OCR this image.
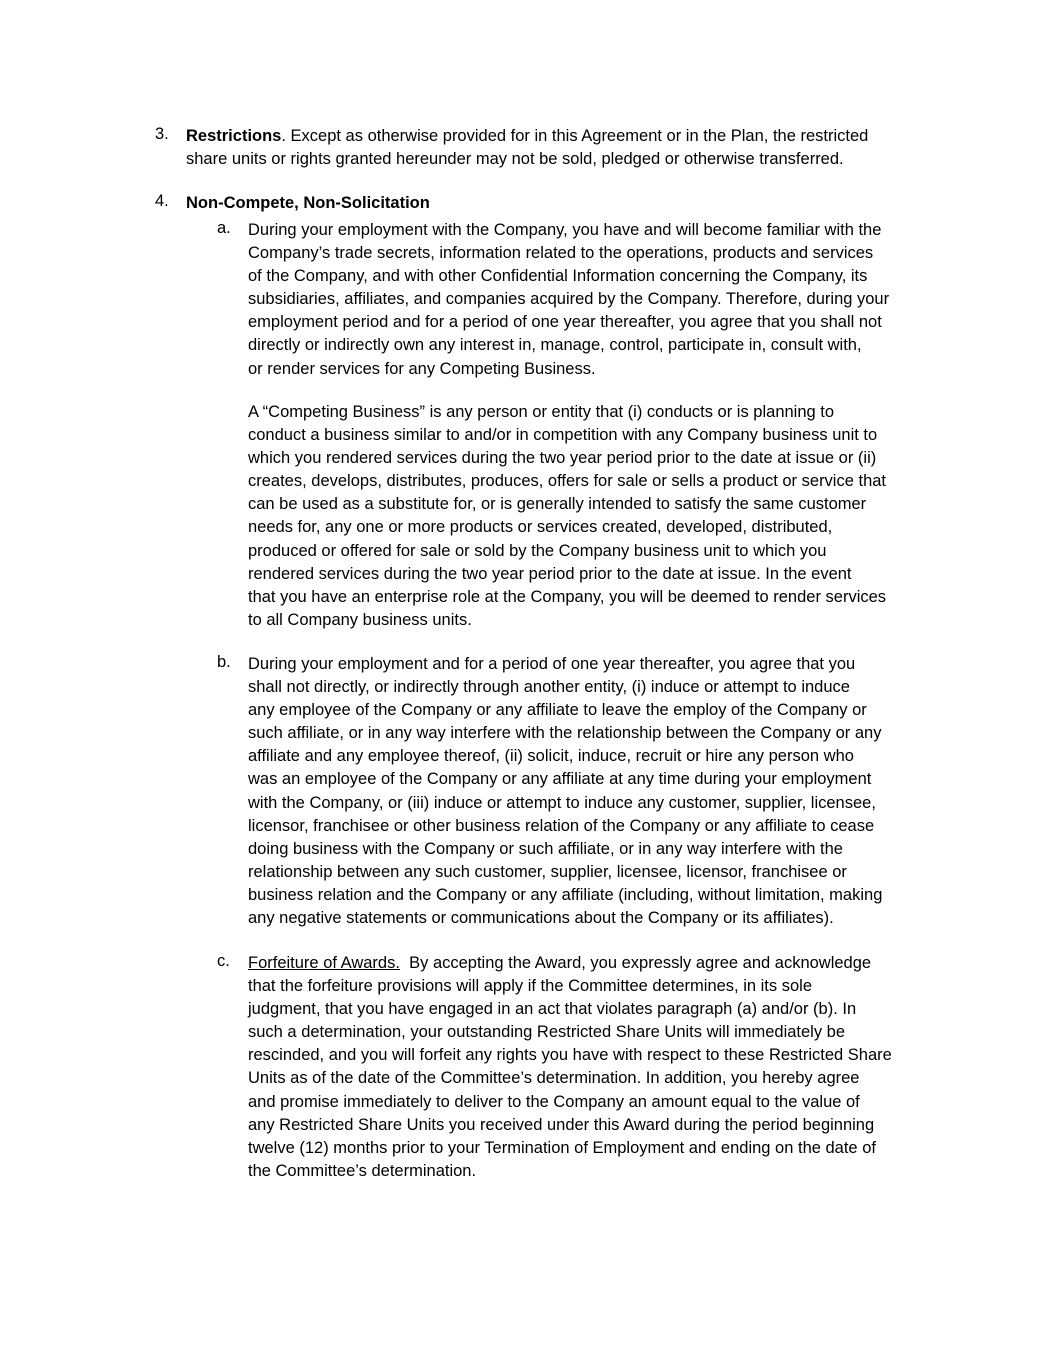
3. Restrictions. Except as otherwise provided for in this Agreement or in the Plan, the restricted
share units or rights granted hereunder may not be sold, pledged or otherwise transferred.
4. Non-Compete, Non-Solicitation
a. During your employment with the Company, you have and will become familiar with the
Company’s trade secrets, information related to the operations, products and services
of the Company, and with other Confidential Information concerning the Company, its
subsidiaries, affiliates, and companies acquired by the Company. Therefore, during your
employment period and for a period of one year thereafter, you agree that you shall not
directly or indirectly own any interest in, manage, control, participate in, consult with,
or render services for any Competing Business.
A “Competing Business” is any person or entity that (i) conducts or is planning to
conduct a business similar to and/or in competition with any Company business unit to
which you rendered services during the two year period prior to the date at issue or (ii)
creates, develops, distributes, produces, offers for sale or sells a product or service that
can be used as a substitute for, or is generally intended to satisfy the same customer
needs for, any one or more products or services created, developed, distributed,
produced or offered for sale or sold by the Company business unit to which you
rendered services during the two year period prior to the date at issue. In the event
that you have an enterprise role at the Company, you will be deemed to render services
to all Company business units.
b. During your employment and for a period of one year thereafter, you agree that you
shall not directly, or indirectly through another entity, (i) induce or attempt to induce
any employee of the Company or any affiliate to leave the employ of the Company or
such affiliate, or in any way interfere with the relationship between the Company or any
affiliate and any employee thereof, (ii) solicit, induce, recruit or hire any person who
was an employee of the Company or any affiliate at any time during your employment
with the Company, or (iii) induce or attempt to induce any customer, supplier, licensee,
licensor, franchisee or other business relation of the Company or any affiliate to cease
doing business with the Company or such affiliate, or in any way interfere with the
relationship between any such customer, supplier, licensee, licensor, franchisee or
business relation and the Company or any affiliate (including, without limitation, making
any negative statements or communications about the Company or its affiliates).
c. Forfeiture of Awards.  By accepting the Award, you expressly agree and acknowledge
that the forfeiture provisions will apply if the Committee determines, in its sole
judgment, that you have engaged in an act that violates paragraph (a) and/or (b). In
such a determination, your outstanding Restricted Share Units will immediately be
rescinded, and you will forfeit any rights you have with respect to these Restricted Share
Units as of the date of the Committee’s determination. In addition, you hereby agree
and promise immediately to deliver to the Company an amount equal to the value of
any Restricted Share Units you received under this Award during the period beginning
twelve (12) months prior to your Termination of Employment and ending on the date of
the Committee’s determination.
